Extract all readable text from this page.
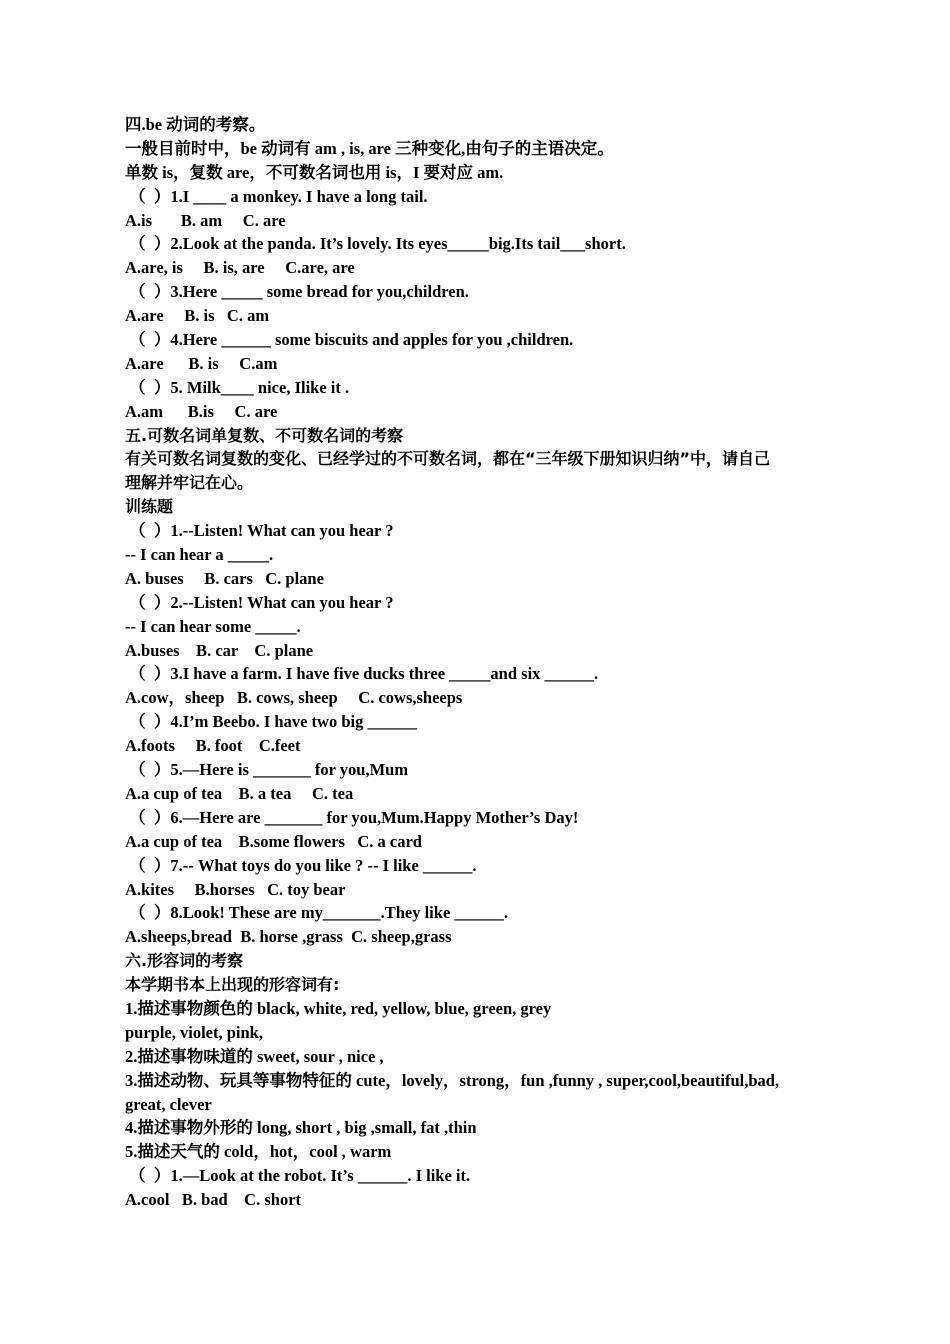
四.be 动词的考察。
一般目前时中，be 动词有 am , is, are 三种变化,由句子的主语决定。
单数 is，复数 are，不可数名词也用 is，I 要对应 am.
（  ）1.I ____ a monkey. I have a long tail.
A.is       B. am     C. are
（  ）2.Look at the panda. It’s lovely. Its eyes_____big.Its tail___short.
A.are, is     B. is, are     C.are, are
（  ）3.Here _____ some bread for you,children.
A.are     B. is   C. am
（  ）4.Here ______ some biscuits and apples for you ,children.
A.are      B. is     C.am
（  ）5. Milk____ nice, Ilike it .
A.am      B.is     C. are
五.可数名词单复数、不可数名词的考察
有关可数名词复数的变化、已经学过的不可数名词，都在“三年级下册知识归纳”中，请自己
理解并牢记在心。
训练题
（  ）1.--Listen! What can you hear ?
-- I can hear a _____.
A. buses     B. cars   C. plane
（  ）2.--Listen! What can you hear ?
-- I can hear some _____.
A.buses    B. car    C. plane
（  ）3.I have a farm. I have five ducks three _____and six ______.
A.cow，sheep   B. cows, sheep     C. cows,sheeps
（  ）4.I’m Beebo. I have two big ______
A.foots     B. foot    C.feet
（  ）5.—Here is _______ for you,Mum
A.a cup of tea    B. a tea     C. tea
（  ）6.—Here are _______ for you,Mum.Happy Mother’s Day!
A.a cup of tea    B.some flowers   C. a card
（  ）7.-- What toys do you like ? -- I like ______.
A.kites     B.horses   C. toy bear
（  ）8.Look! These are my_______.They like ______.
A.sheeps,bread  B. horse ,grass  C. sheep,grass
六.形容词的考察
本学期书本上出现的形容词有:
1.描述事物颜色的 black, white, red, yellow, blue, green, grey
purple, violet, pink,
2.描述事物味道的 sweet, sour , nice ,
3.描述动物、玩具等事物特征的 cute，lovely，strong，fun ,funny , super,cool,beautiful,bad,
great, clever
4.描述事物外形的 long, short , big ,small, fat ,thin
5.描述天气的 cold，hot，cool , warm
（  ）1.—Look at the robot. It’s ______. I like it.
A.cool   B. bad    C. short
